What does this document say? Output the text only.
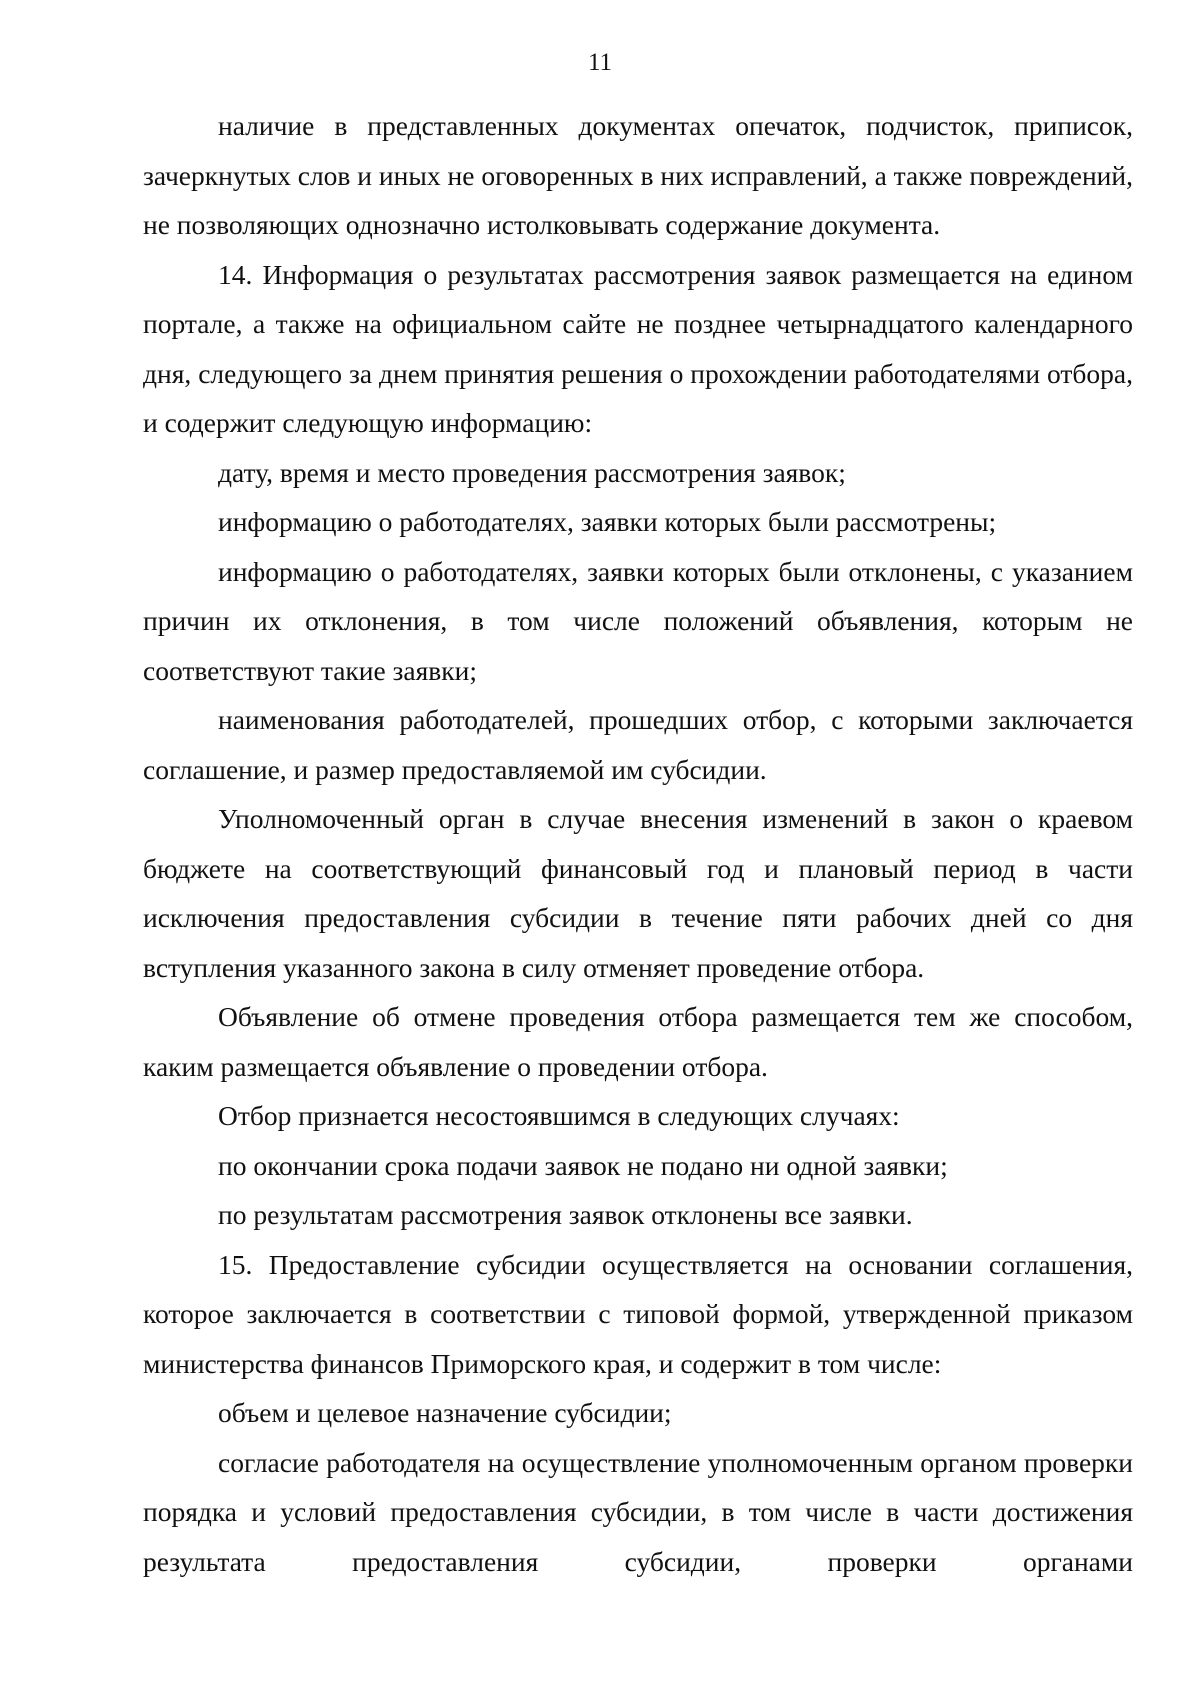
11

наличие в представленных документах опечаток, подчисток, приписок, зачеркнутых слов и иных не оговоренных в них исправлений, а также повреждений, не позволяющих однозначно истолковывать содержание документа.

14. Информация о результатах рассмотрения заявок размещается на едином портале, а также на официальном сайте не позднее четырнадцатого календарного дня, следующего за днем принятия решения о прохождении работодателями отбора, и содержит следующую информацию:

дату, время и место проведения рассмотрения заявок;

информацию о работодателях, заявки которых были рассмотрены;

информацию о работодателях, заявки которых были отклонены, с указанием причин их отклонения, в том числе положений объявления, которым не соответствуют такие заявки;

наименования работодателей, прошедших отбор, с которыми заключается соглашение, и размер предоставляемой им субсидии.

Уполномоченный орган в случае внесения изменений в закон о краевом бюджете на соответствующий финансовый год и плановый период в части исключения предоставления субсидии в течение пяти рабочих дней со дня вступления указанного закона в силу отменяет проведение отбора.

Объявление об отмене проведения отбора размещается тем же способом, каким размещается объявление о проведении отбора.

Отбор признается несостоявшимся в следующих случаях:

по окончании срока подачи заявок не подано ни одной заявки;

по результатам рассмотрения заявок отклонены все заявки.

15. Предоставление субсидии осуществляется на основании соглашения, которое заключается в соответствии с типовой формой, утвержденной приказом министерства финансов Приморского края, и содержит в том числе:

объем и целевое назначение субсидии;

согласие работодателя на осуществление уполномоченным органом проверки порядка и условий предоставления субсидии, в том числе в части достижения результата предоставления субсидии, проверки органами
